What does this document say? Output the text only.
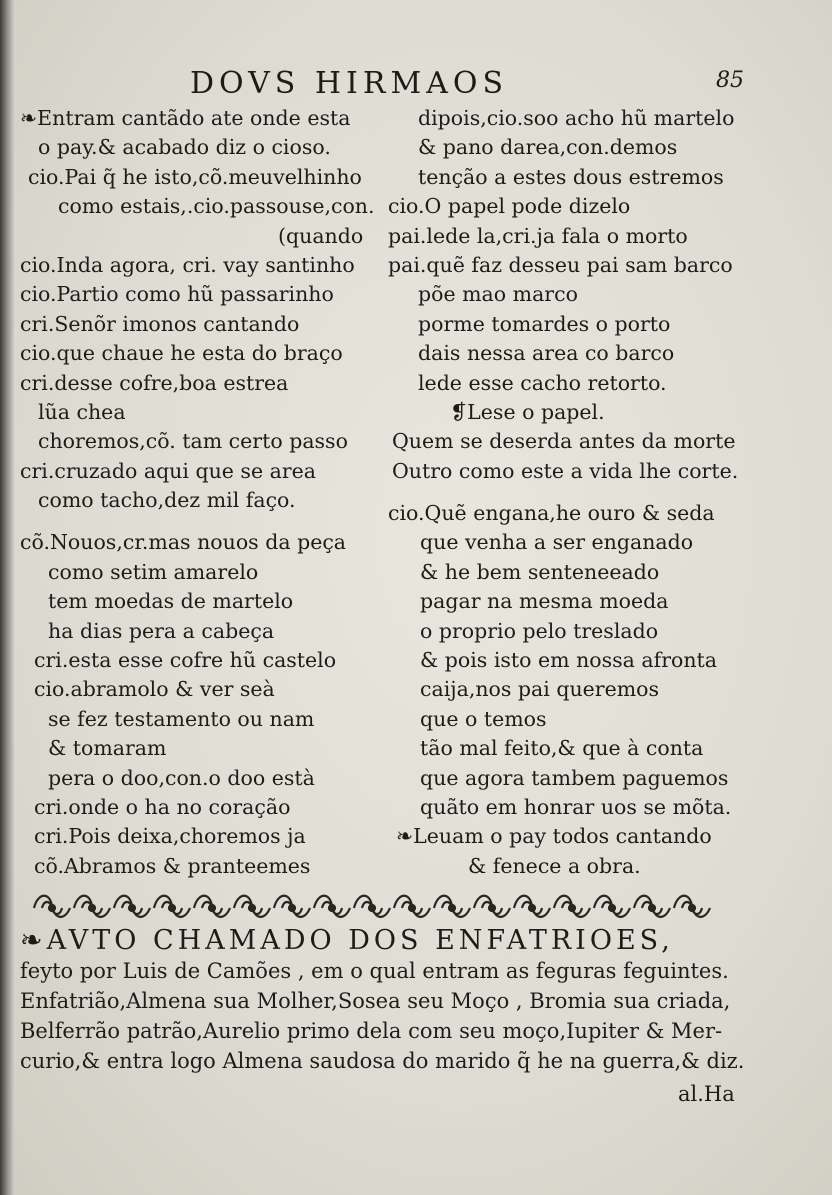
DOVS HIRMAOS	85
❧Entram cantãdo ate onde esta
o pay.& acabado diz o cioso.
cio.Pai q̃ he isto,cõ.meuvelhinho
como estais,.cio.passouse,con.
(quando
cio.Inda agora, cri. vay santinho
cio.Partio como hũ passarinho
cri.Senõr imonos cantando
cio.que chaue he esta do braço
cri.desse cofre,boa estrea
lũa chea
choremos,cõ. tam certo passo
cri.cruzado aqui que se area
como tacho,dez mil faço.
cõ.Nouos,cr.mas nouos da peça
como setim amarelo
tem moedas de martelo
ha dias pera a cabeça
cri.esta esse cofre hũ castelo
cio.abramolo & ver seà
se fez testamento ou nam
& tomaram
pera o doo,con.o doo està
cri.onde o ha no coração
cri.Pois deixa,choremos ja
cõ.Abramos & pranteemes
dipois,cio.soo acho hũ martelo
& pano darea,con.demos
tenção a estes dous estremos
cio.O papel pode dizelo
pai.lede la,cri.ja fala o morto
pai.quẽ faz desseu pai sam barco
põe mao marco
porme tomardes o porto
dais nessa area co barco
lede esse cacho retorto.
❡Lese o papel.
Quem se deserda antes da morte
Outro como este a vida lhe corte.
cio.Quẽ engana,he ouro & seda
que venha a ser enganado
& he bem senteneeado
pagar na mesma moeda
o proprio pelo treslado
& pois isto em nossa afronta
caija,nos pai queremos
que o temos
tão mal feito,& que à conta
que agora tambem paguemos
quãto em honrar uos se mõta.
❧Leuam o pay todos cantando
& fenece a obra.
❧AVTO CHAMADO DOS ENFATRIOES,
feyto por Luis de Camões , em o qual entram as feguras feguintes.
Enfatrião,Almena sua Molher,Sosea seu Moço , Bromia sua criada,
Belferrão patrão,Aurelio primo dela com seu moço,Iupiter & Mer-
curio,& entra logo Almena saudosa do marido q̃ he na guerra,& diz.
al.Ha
